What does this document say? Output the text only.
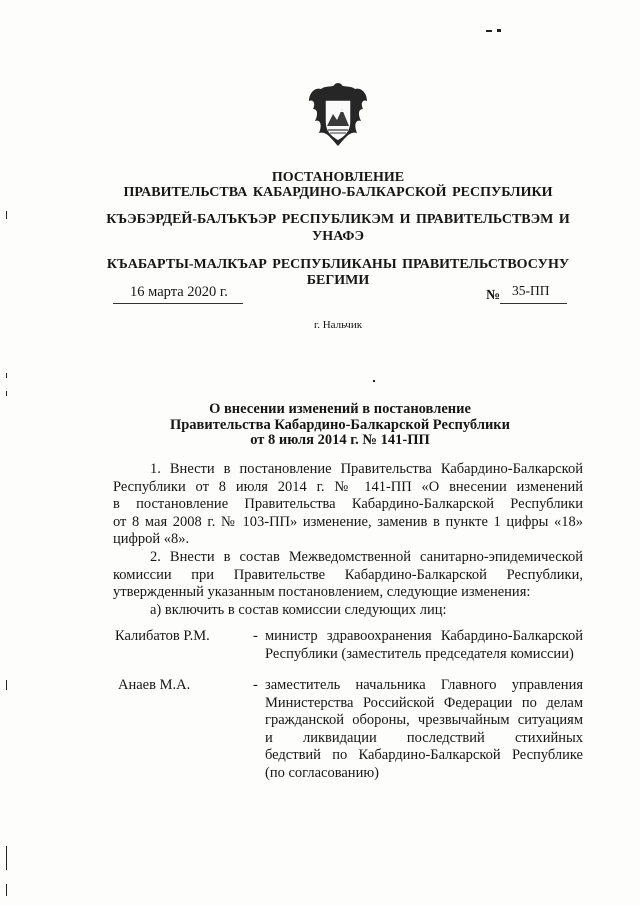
ПОСТАНОВЛЕНИЕ
ПРАВИТЕЛЬСТВА КАБАРДИНО-БАЛКАРСКОЙ РЕСПУБЛИКИ
КЪЭБЭРДЕЙ-БАЛЪКЪЭР РЕСПУБЛИКЭМ И ПРАВИТЕЛЬСТВЭМ И
УНАФЭ
КЪАБАРТЫ-МАЛКЪАР РЕСПУБЛИКАНЫ ПРАВИТЕЛЬСТВОСУНУ
БЕГИМИ
16 марта 2020 г.	№ 35-ПП
г. Нальчик
О внесении изменений в постановление
Правительства Кабардино-Балкарской Республики
от 8 июля 2014 г. № 141-ПП
1. Внести в постановление Правительства Кабардино-Балкарской
Республики от 8 июля 2014 г. № 141-ПП «О внесении изменений
в постановление Правительства Кабардино-Балкарской Республики
от 8 мая 2008 г. № 103-ПП» изменение, заменив в пункте 1 цифры «18»
цифрой «8».
2. Внести в состав Межведомственной санитарно-эпидемической
комиссии при Правительстве Кабардино-Балкарской Республики,
утвержденный указанным постановлением, следующие изменения:
а) включить в состав комиссии следующих лиц:
Калибатов Р.М.	- министр здравоохранения Кабардино-Балкарской
Республики (заместитель председателя комиссии)
Анаев М.А.	- заместитель начальника Главного управления
Министерства Российской Федерации по делам
гражданской обороны, чрезвычайным ситуациям
и ликвидации последствий стихийных
бедствий по Кабардино-Балкарской Республике
(по согласованию)
